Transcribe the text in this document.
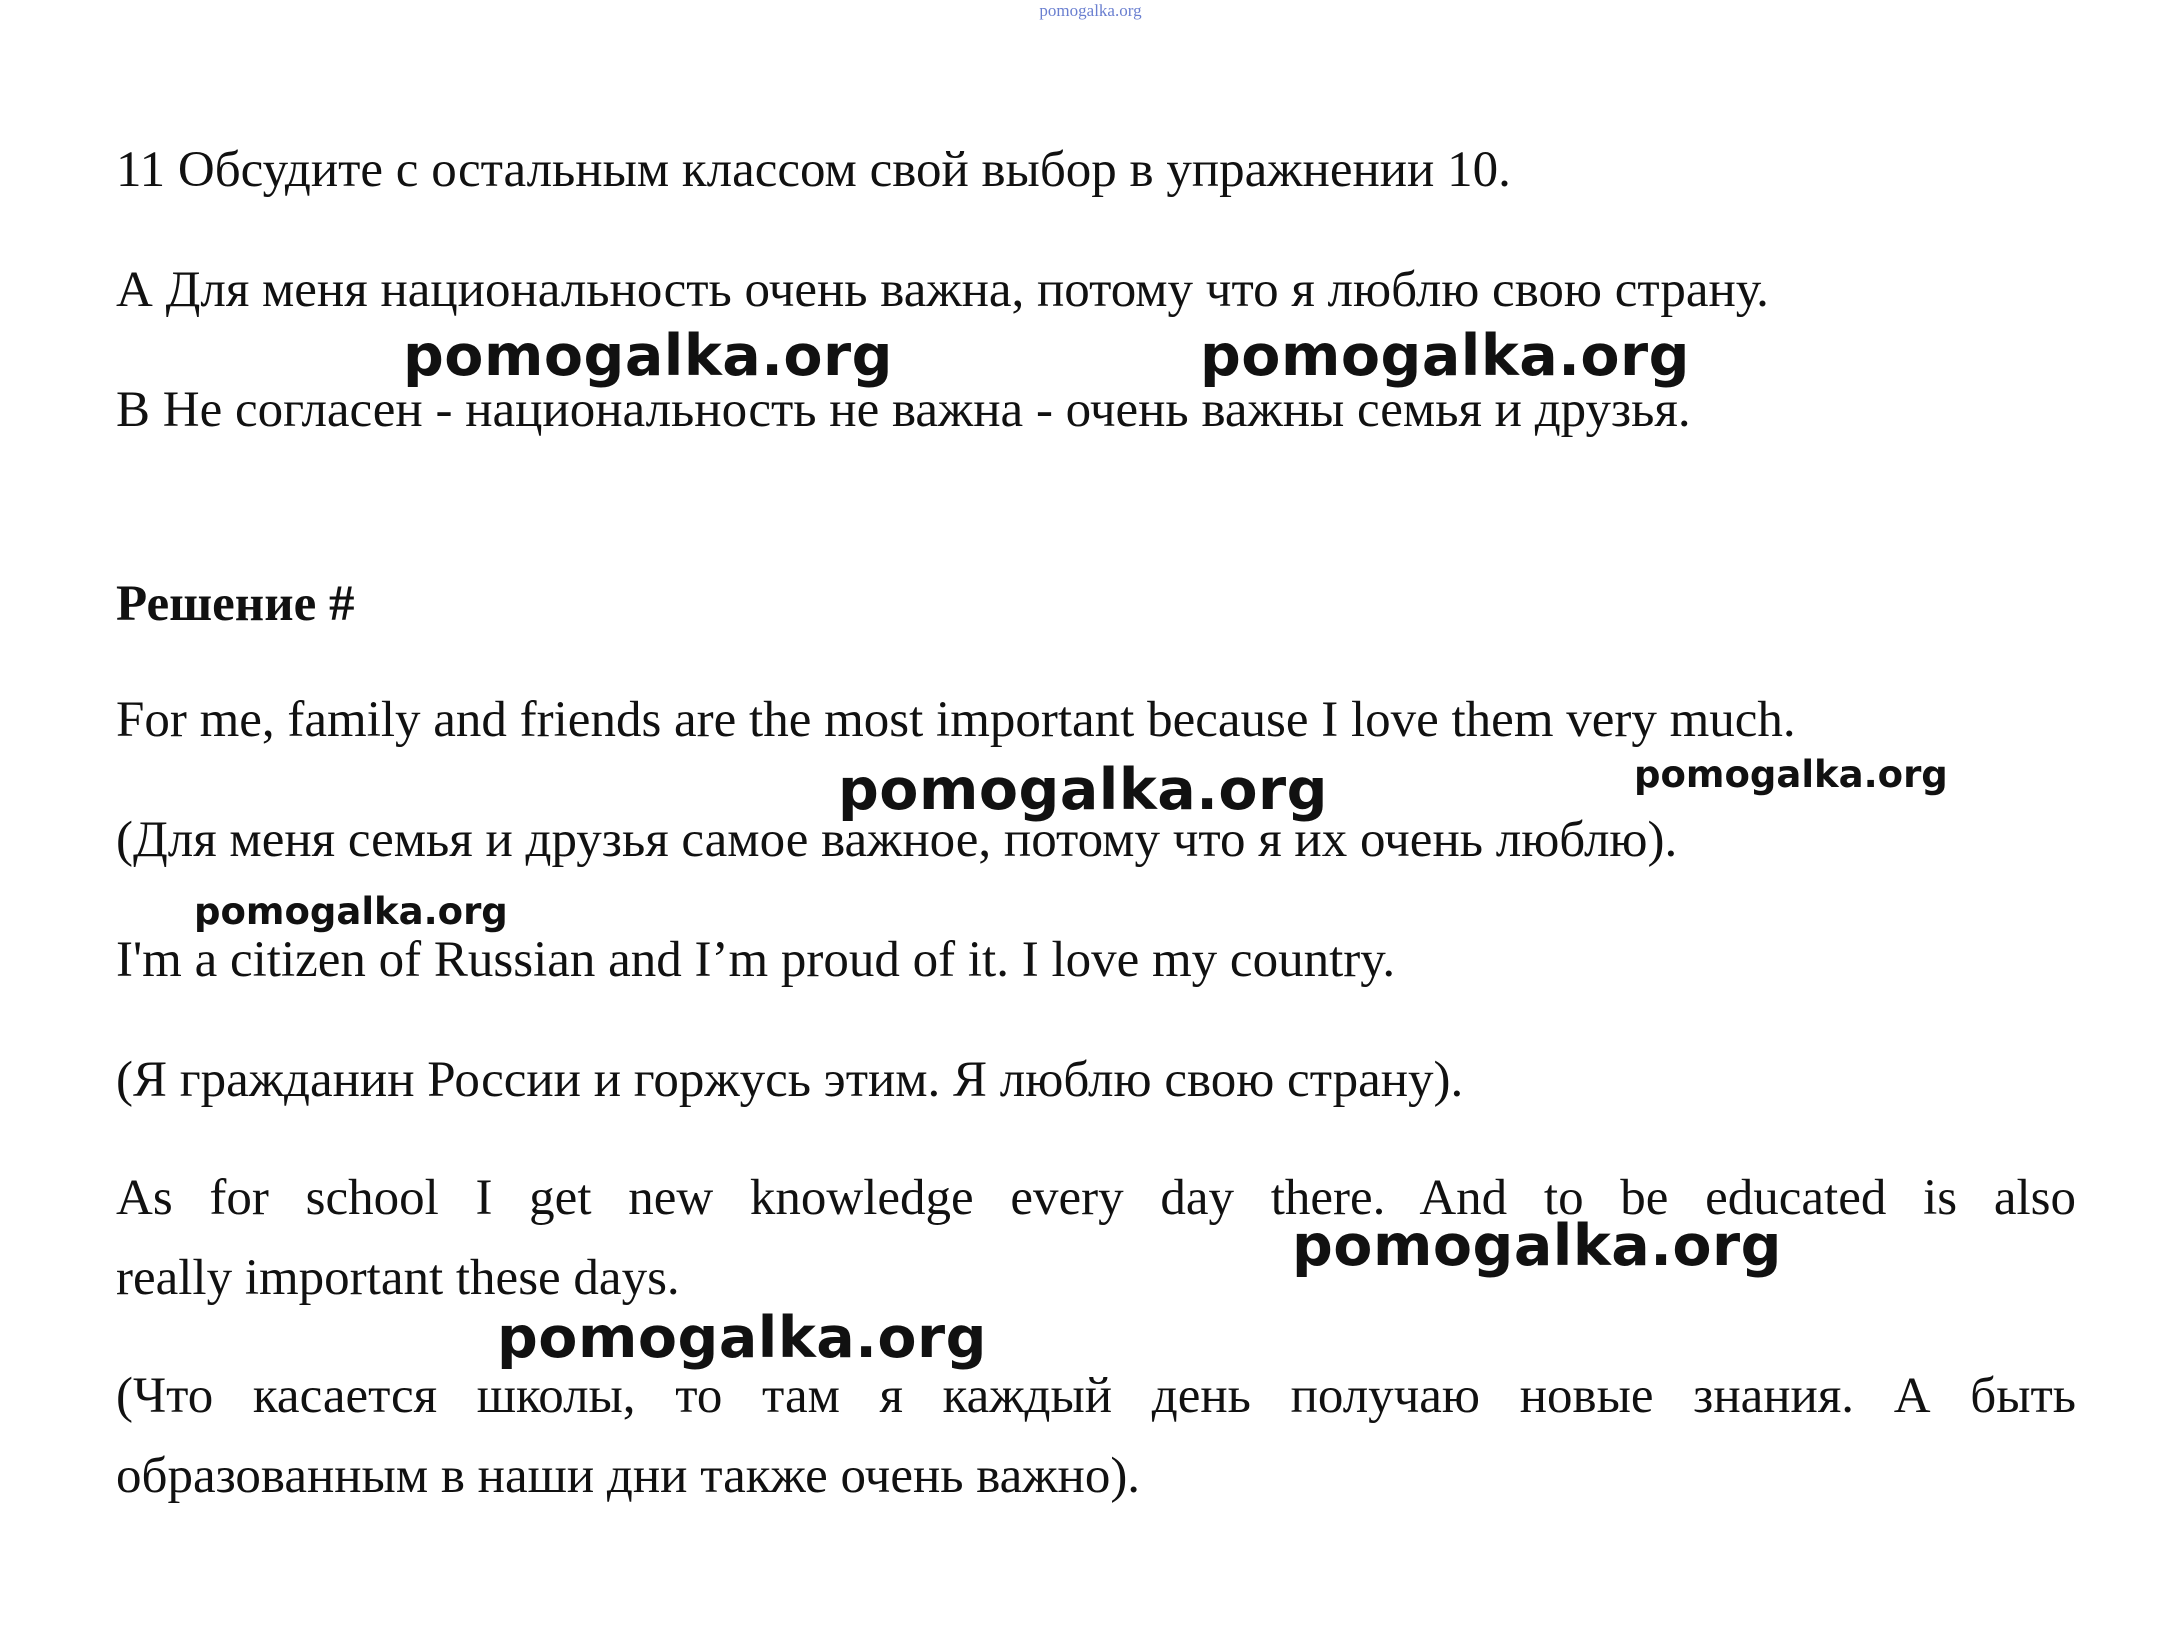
pomogalka.org

11 Обсудите с остальным классом свой выбор в упражнении 10.

А Для меня национальность очень важна, потому что я люблю свою страну.

В Не согласен - национальность не важна - очень важны семья и друзья.

Решение #

For me, family and friends are the most important because I love them very much.

(Для меня семья и друзья самое важное, потому что я их очень люблю).

I'm a citizen of Russian and I’m proud of it. I love my country.

(Я гражданин России и горжусь этим. Я люблю свою страну).

As for school I get new knowledge every day there. And to be educated is also

really important these days.

(Что касается школы, то там я каждый день получаю новые знания. А быть

образованным в наши дни также очень важно).

pomogalka.org	pomogalka.org
pomogalka.org	pomogalka.org
pomogalka.org
pomogalka.org
pomogalka.org
